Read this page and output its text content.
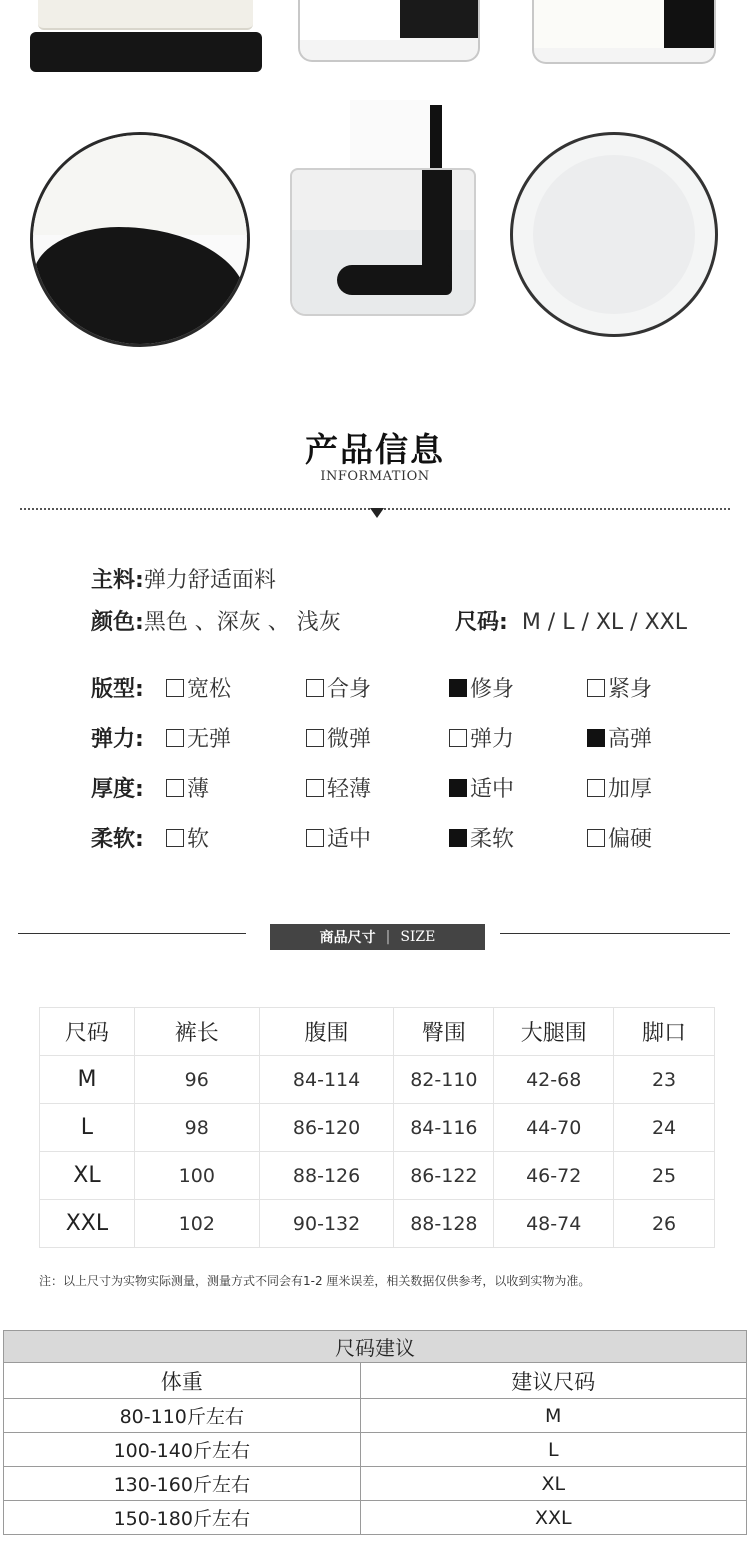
产品信息
INFORMATION
主料:弹力舒适面料
颜色:黑色 、深灰 、 浅灰	尺码: M / L / XL / XXL
版型: 宽松	合身	修身	紧身
弹力: 无弹	微弹	弹力	高弹
厚度: 薄	轻薄	适中	加厚
柔软: 软	适中	柔软	偏硬
商品尺寸 | SIZE
尺码	裤长	腹围	臀围	大腿围	脚口
M	96	84-114	82-110	42-68	23
L	98	86-120	84-116	44-70	24
XL	100	88-126	86-122	46-72	25
XXL	102	90-132	88-128	48-74	26
注：以上尺寸为实物实际测量，测量方式不同会有1-2 厘米误差，相关数据仅供参考，以收到实物为准。
尺码建议	
体重	建议尺码
80-110斤左右	M
100-140斤左右	L
130-160斤左右	XL
150-180斤左右	XXL
